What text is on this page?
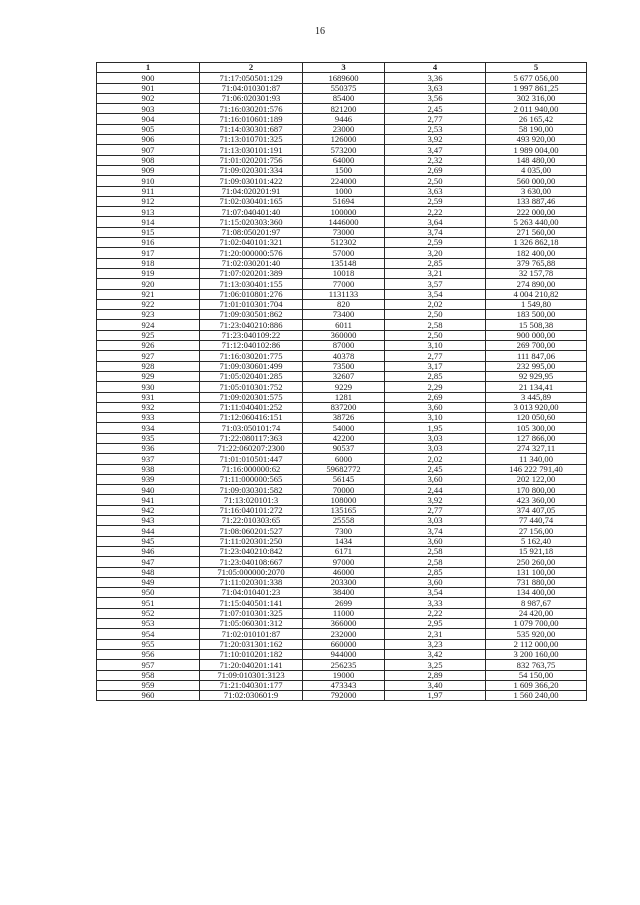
16
1	2	3	4	5
900	71:17:050501:129	1689600	3,36	5 677 056,00
901	71:04:010301:87	550375	3,63	1 997 861,25
902	71:06:020301:93	85400	3,56	302 316,00
903	71:16:030201:576	821200	2,45	2 011 940,00
904	71:16:010601:189	9446	2,77	26 165,42
905	71:14:030301:687	23000	2,53	58 190,00
906	71:13:010701:325	126000	3,92	493 920,00
907	71:13:030101:191	573200	3,47	1 989 004,00
908	71:01:020201:756	64000	2,32	148 480,00
909	71:09:020301:334	1500	2,69	4 035,00
910	71:09:030101:422	224000	2,50	560 000,00
911	71:04:020201:91	1000	3,63	3 630,00
912	71:02:030401:165	51694	2,59	133 887,46
913	71:07:040401:40	100000	2,22	222 000,00
914	71:15:020303:360	1446000	3,64	5 263 440,00
915	71:08:050201:97	73000	3,74	271 560,00
916	71:02:040101:321	512302	2,59	1 326 862,18
917	71:20:000000:576	57000	3,20	182 400,00
918	71:02:030201:40	135148	2,85	379 765,88
919	71:07:020201:389	10018	3,21	32 157,78
920	71:13:030401:155	77000	3,57	274 890,00
921	71:06:010801:276	1131133	3,54	4 004 210,82
922	71:01:010301:704	820	2,02	1 549,80
923	71:09:030501:862	73400	2,50	183 500,00
924	71:23:040210:886	6011	2,58	15 508,38
925	71:23:040109:22	360000	2,50	900 000,00
926	71:12:040102:86	87000	3,10	269 700,00
927	71:16:030201:775	40378	2,77	111 847,06
928	71:09:030601:499	73500	3,17	232 995,00
929	71:05:020401:285	32607	2,85	92 929,95
930	71:05:010301:752	9229	2,29	21 134,41
931	71:09:020301:575	1281	2,69	3 445,89
932	71:11:040401:252	837200	3,60	3 013 920,00
933	71:12:060416:151	38726	3,10	120 050,60
934	71:03:050101:74	54000	1,95	105 300,00
935	71:22:080117:363	42200	3,03	127 866,00
936	71:22:060207:2300	90537	3,03	274 327,11
937	71:01:010501:447	6000	2,02	11 340,00
938	71:16:000000:62	59682772	2,45	146 222 791,40
939	71:11:000000:565	56145	3,60	202 122,00
940	71:09:030301:582	70000	2,44	170 800,00
941	71:13:020101:3	108000	3,92	423 360,00
942	71:16:040101:272	135165	2,77	374 407,05
943	71:22:010303:65	25558	3,03	77 440,74
944	71:08:060201:527	7300	3,74	27 156,00
945	71:11:020301:250	1434	3,60	5 162,40
946	71:23:040210:842	6171	2,58	15 921,18
947	71:23:040108:667	97000	2,58	250 260,00
948	71:05:000000:2070	46000	2,85	131 100,00
949	71:11:020301:338	203300	3,60	731 880,00
950	71:04:010401:23	38400	3,54	134 400,00
951	71:15:040501:141	2699	3,33	8 987,67
952	71:07:010301:325	11000	2,22	24 420,00
953	71:05:060301:312	366000	2,95	1 079 700,00
954	71:02:010101:87	232000	2,31	535 920,00
955	71:20:031301:162	660000	3,23	2 112 000,00
956	71:10:010201:182	944000	3,42	3 200 160,00
957	71:20:040201:141	256235	3,25	832 763,75
958	71:09:010301:3123	19000	2,89	54 150,00
959	71:21:040301:177	473343	3,40	1 609 366,20
960	71:02:030601:9	792000	1,97	1 560 240,00
